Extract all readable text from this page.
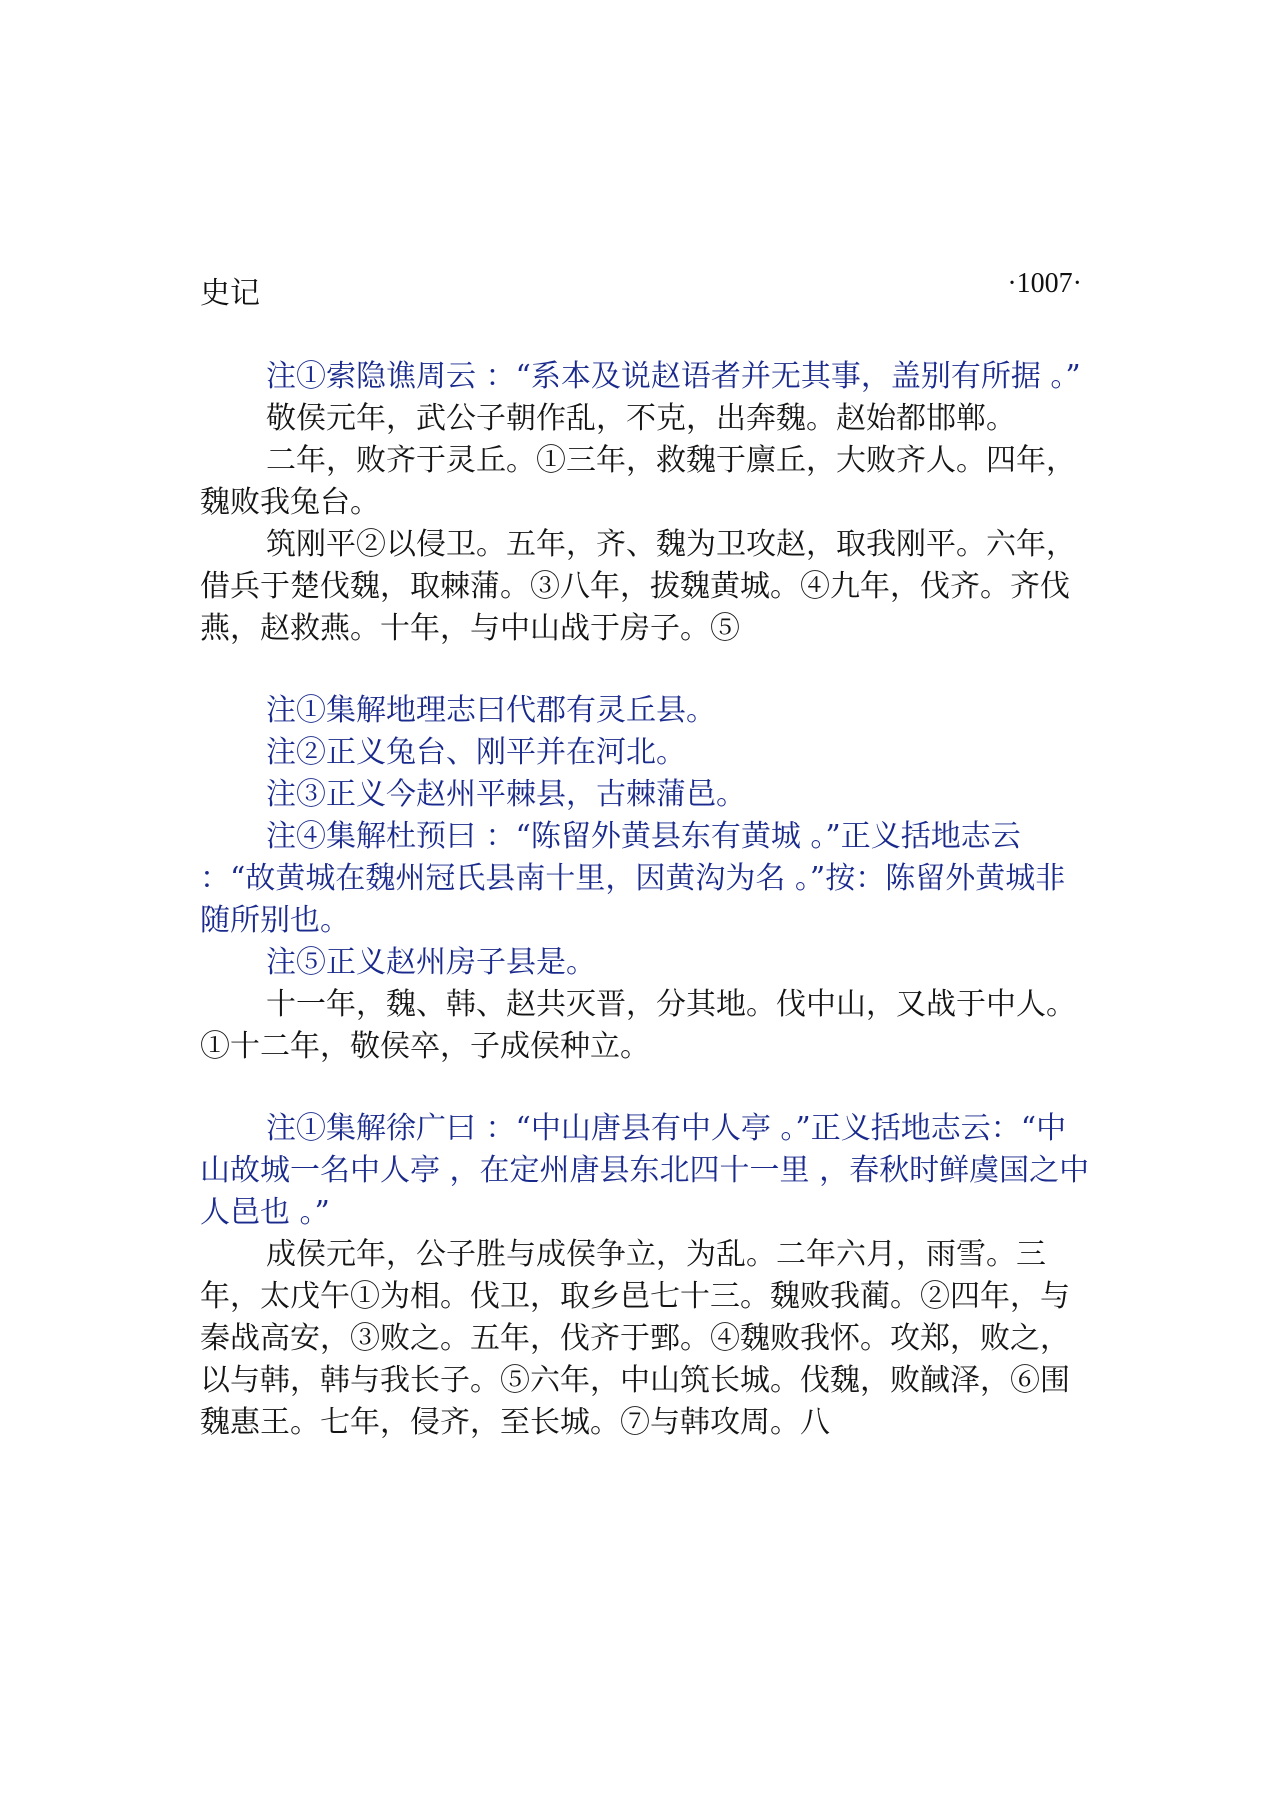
史记	·1007·

注①索隐谯周云 ：“系本及说赵语者并无其事，盖别有所据 。”

敬侯元年，武公子朝作乱，不克，出奔魏。赵始都邯郸。

二年，败齐于灵丘。①三年，救魏于廪丘，大败齐人。四年，魏败我兔台。

筑刚平②以侵卫。五年，齐、魏为卫攻赵，取我刚平。六年，借兵于楚伐魏，取棘蒲。③八年，拔魏黄城。④九年，伐齐。齐伐燕，赵救燕。十年，与中山战于房子。⑤

注①集解地理志曰代郡有灵丘县。

注②正义兔台、刚平并在河北。

注③正义今赵州平棘县，古棘蒲邑。

注④集解杜预曰 ：“陈留外黄县东有黄城 。”正义括地志云 ：“故黄城在魏州冠氏县南十里，因黄沟为名 。”按：陈留外黄城非随所别也。

注⑤正义赵州房子县是。

十一年，魏、韩、赵共灭晋，分其地。伐中山，又战于中人。①十二年，敬侯卒，子成侯种立。

注①集解徐广曰 ：“中山唐县有中人亭 。”正义括地志云：“中山故城一名中人亭 ，在定州唐县东北四十一里 ，春秋时鲜虞国之中人邑也 。”

成侯元年，公子胜与成侯争立，为乱。二年六月，雨雪。三年，太戊午①为相。伐卫，取乡邑七十三。魏败我蔺。②四年，与秦战高安，③败之。五年，伐齐于鄄。④魏败我怀。攻郑，败之，以与韩，韩与我长子。⑤六年，中山筑长城。伐魏，败馘泽，⑥围魏惠王。七年，侵齐，至长城。⑦与韩攻周。八
